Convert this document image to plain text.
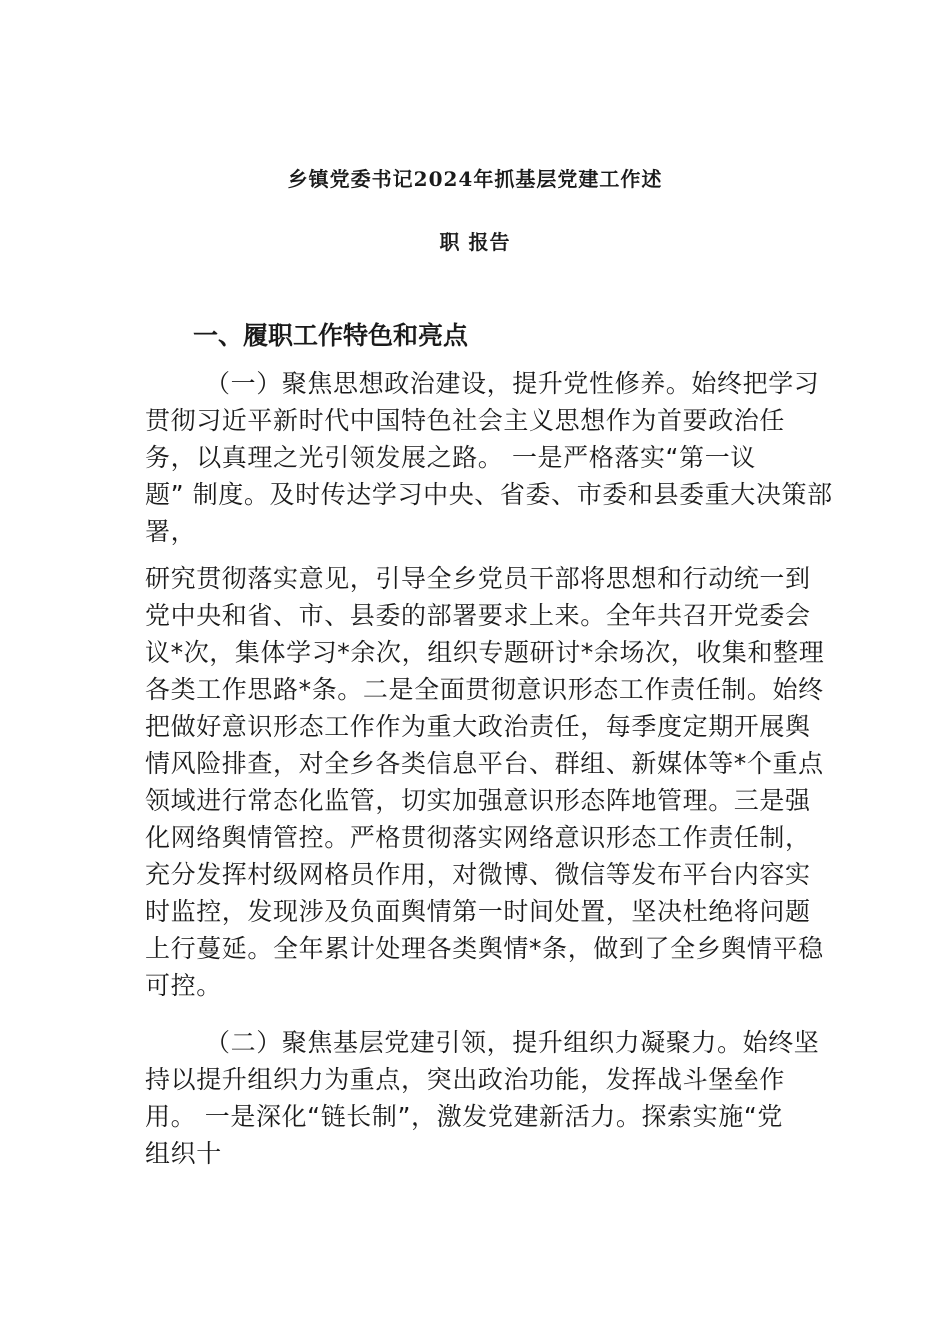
乡镇党委书记2024年抓基层党建工作述
职 报告
一、履职工作特色和亮点
（一）聚焦思想政治建设，提升党性修养。始终把学习
贯彻习近平新时代中国特色社会主义思想作为首要政治任
务，以真理之光引领发展之路。 一是严格落实“第一议
题” 制度。及时传达学习中央、省委、市委和县委重大决策部
署，
研究贯彻落实意见，引导全乡党员干部将思想和行动统一到
党中央和省、市、县委的部署要求上来。全年共召开党委会
议*次，集体学习*余次，组织专题研讨*余场次，收集和整理
各类工作思路*条。二是全面贯彻意识形态工作责任制。始终
把做好意识形态工作作为重大政治责任，每季度定期开展舆
情风险排查，对全乡各类信息平台、群组、新媒体等*个重点
领域进行常态化监管，切实加强意识形态阵地管理。三是强
化网络舆情管控。严格贯彻落实网络意识形态工作责任制，
充分发挥村级网格员作用，对微博、微信等发布平台内容实
时监控，发现涉及负面舆情第一时间处置，坚决杜绝将问题
上行蔓延。全年累计处理各类舆情*条，做到了全乡舆情平稳
可控。
（二）聚焦基层党建引领，提升组织力凝聚力。始终坚
持以提升组织力为重点，突出政治功能，发挥战斗堡垒作
用。 一是深化“链长制”，激发党建新活力。探索实施“党
组织十
